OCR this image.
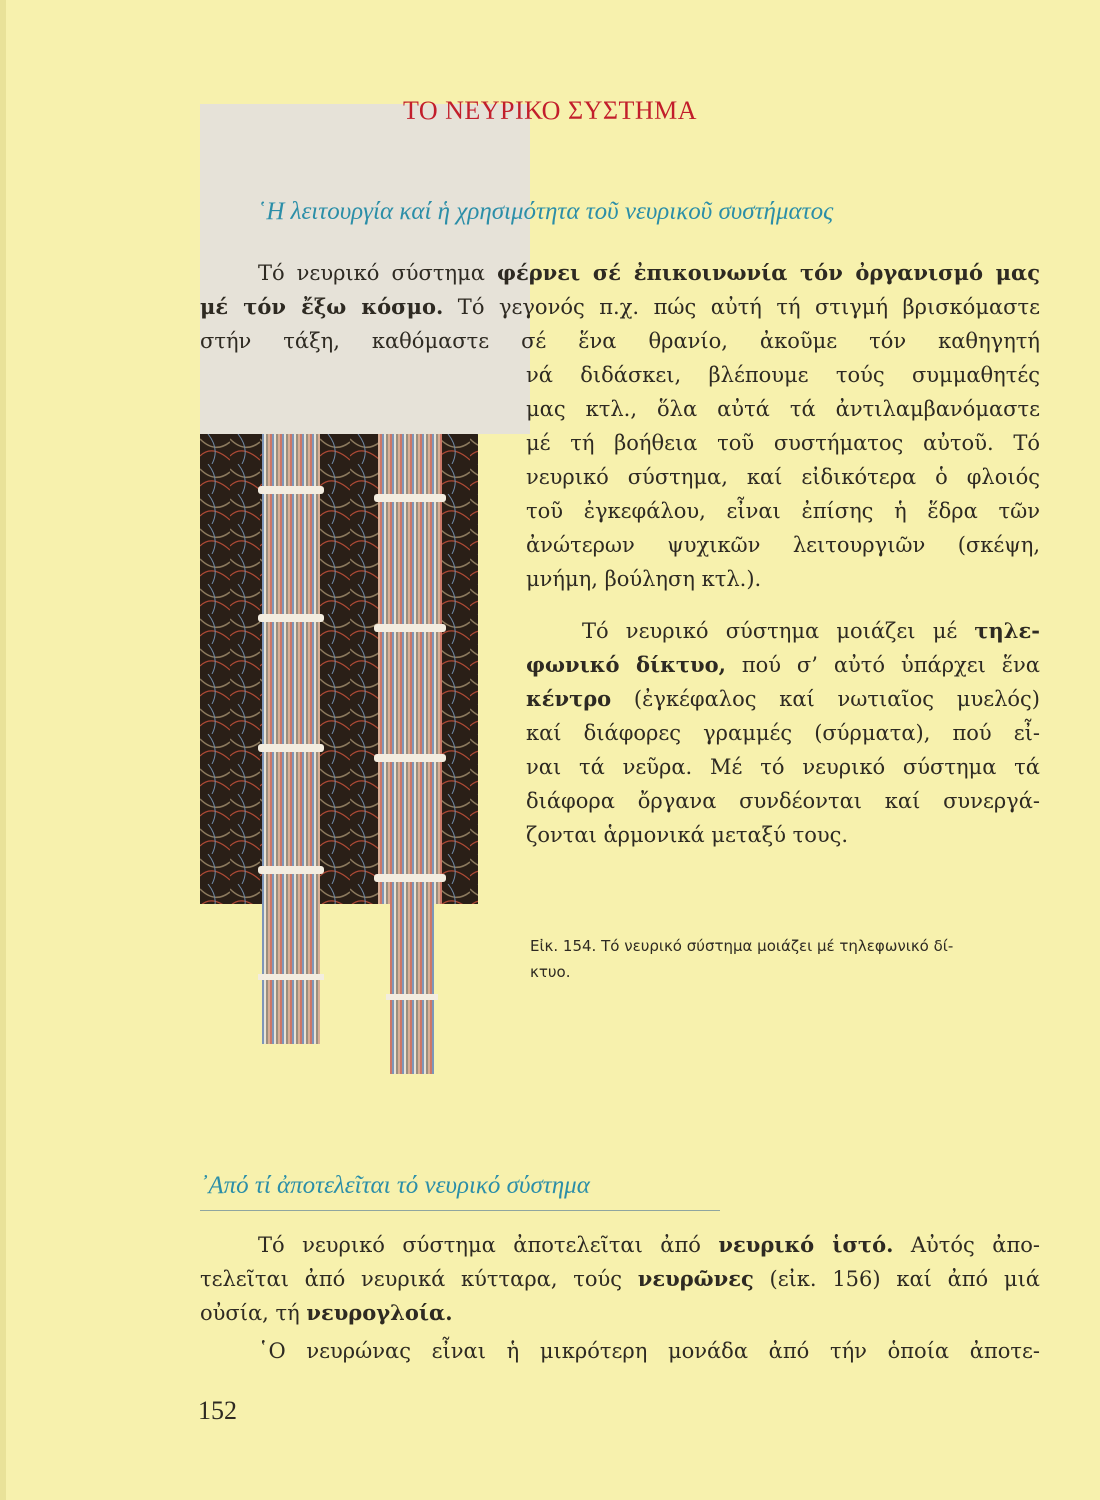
ΤΟ ΝΕΥΡΙΚΟ ΣΥΣΤΗΜΑ
῾Η λειτουργία καί ἡ χρησιμότητα τοῦ νευρικοῦ συστήματος
Τό νευρικό σύστημα φέρνει σέ ἐπικοινωνία τόν ὀργανισμό μας
μέ τόν ἔξω κόσμο. Τό γεγονός π.χ. πώς αὐτή τή στιγμή βρισκόμαστε
στήν τάξη, καθόμαστε σέ ἕνα θρανίο, ἀκοῦμε τόν καθηγητή
νά διδάσκει, βλέπουμε τούς συμμαθητές
μας κτλ., ὅλα αὐτά τά ἀντιλαμβανόμαστε
μέ τή βοήθεια τοῦ συστήματος αὐτοῦ. Τό
νευρικό σύστημα, καί εἰδικότερα ὁ φλοιός
τοῦ ἐγκεφάλου, εἶναι ἐπίσης ἡ ἕδρα τῶν
ἀνώτερων ψυχικῶν λειτουργιῶν (σκέψη,
μνήμη, βούληση κτλ.).
Τό νευρικό σύστημα μοιάζει μέ τηλε-
φωνικό δίκτυο, πού σ’ αὐτό ὑπάρχει ἕνα
κέντρο (ἐγκέφαλος καί νωτιαῖος μυελός)
καί διάφορες γραμμές (σύρματα), πού εἶ-
ναι τά νεῦρα. Μέ τό νευρικό σύστημα τά
διάφορα ὄργανα συνδέονται καί συνεργά-
ζονται ἁρμονικά μεταξύ τους.
Εἰκ. 154. Τό νευρικό σύστημα μοιάζει μέ τηλεφωνικό δί-
κτυο.
᾿Από τί ἀποτελεῖται τό νευρικό σύστημα
Τό νευρικό σύστημα ἀποτελεῖται ἀπό νευρικό ἱστό. Αὐτός ἀπο-
τελεῖται ἀπό νευρικά κύτταρα, τούς νευρῶνες (εἰκ. 156) καί ἀπό μιά
οὐσία, τή νευρογλοία.
῾Ο νευρώνας εἶναι ἡ μικρότερη μονάδα ἀπό τήν ὁποία ἀποτε-
152
